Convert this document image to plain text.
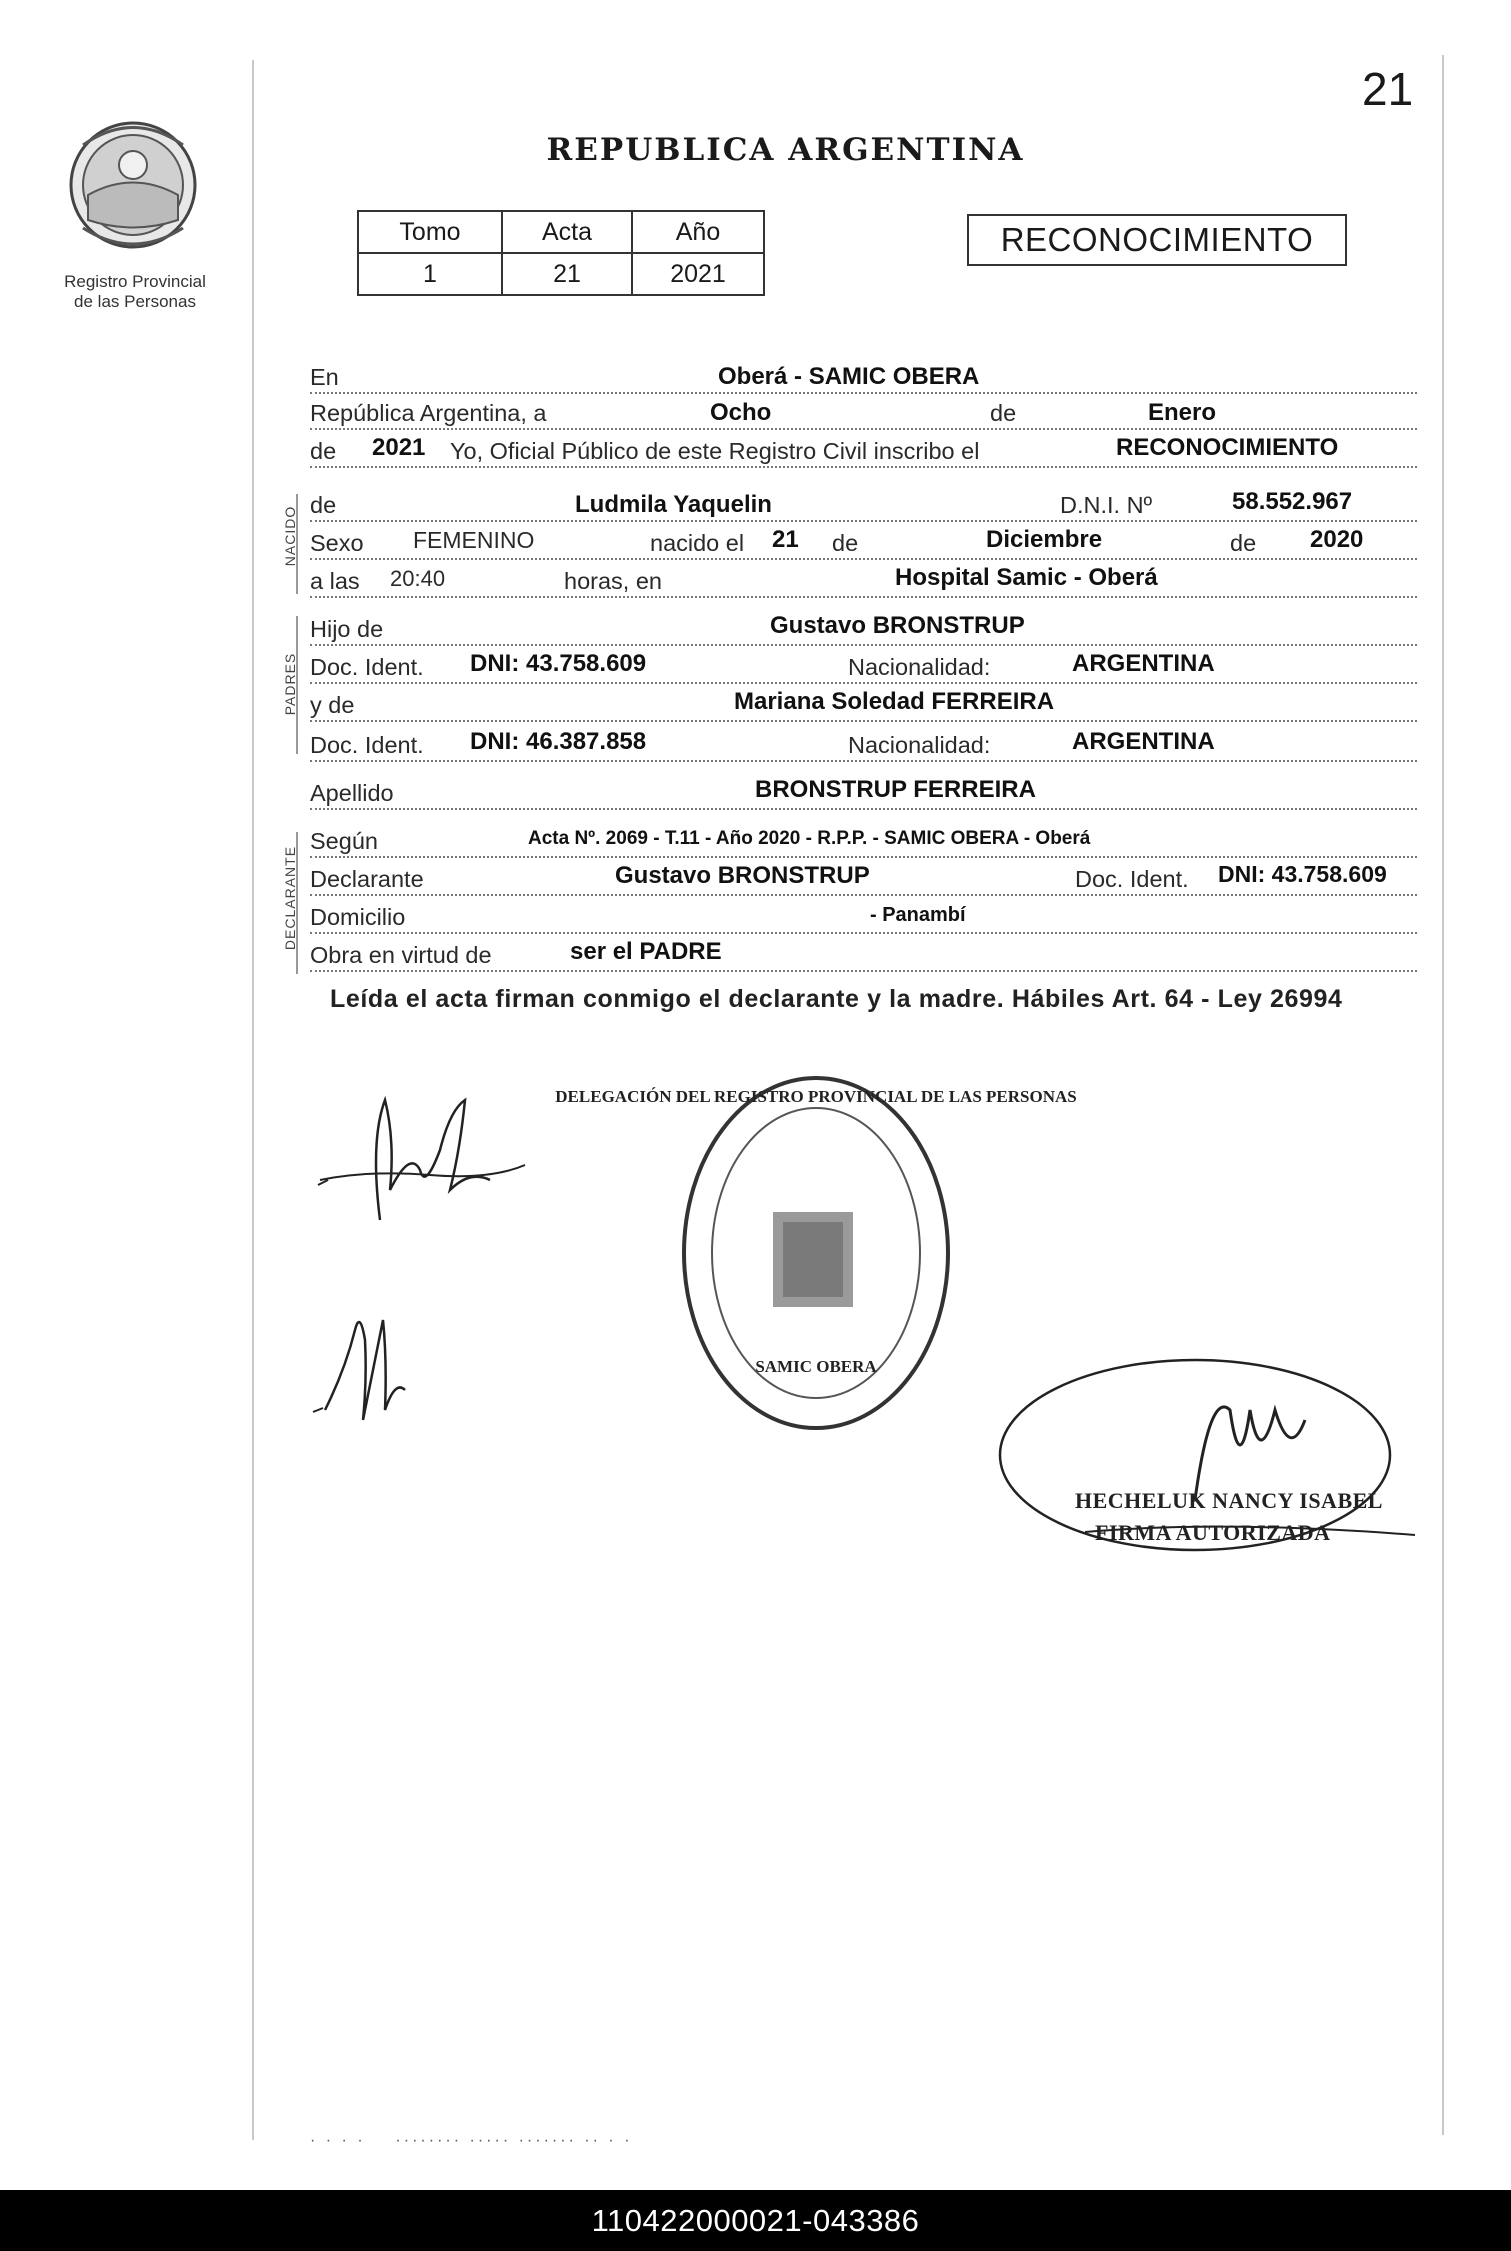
21
Registro Provincial
de las Personas
REPUBLICA ARGENTINA
Tomo	Acta	Año
1	21	2021
RECONOCIMIENTO
En	Oberá - SAMIC OBERA
República Argentina, a	Ocho	de	Enero
de 2021 Yo, Oficial Público de este Registro Civil inscribo el	RECONOCIMIENTO
de	Ludmila Yaquelin	D.N.I. Nº	58.552.967
Sexo FEMENINO	nacido el 21 de	Diciembre	de 2020
a las 20:40	horas, en	Hospital Samic - Oberá
Hijo de	Gustavo BRONSTRUP
Doc. Ident. DNI: 43.758.609	Nacionalidad:	ARGENTINA
y de	Mariana Soledad FERREIRA
Doc. Ident. DNI: 46.387.858	Nacionalidad:	ARGENTINA
Apellido	BRONSTRUP FERREIRA
Según	Acta Nº. 2069 - T.11 - Año 2020 - R.P.P. - SAMIC OBERA - Oberá
Declarante	Gustavo BRONSTRUP	Doc. Ident. DNI: 43.758.609
Domicilio	- Panambí
Obra en virtud de	ser el PADRE
NACIDO
PADRES
DECLARANTE
Leída el acta firman conmigo el declarante y la madre. Hábiles Art. 64 - Ley 26994
DELEGACIÓN DEL REGISTRO PROVINCIAL DE LAS PERSONAS
SAMIC OBERA
HECHELUK NANCY ISABEL
FIRMA AUTORIZADA
· · · ·    ········ ····· ······· ·· · ·
110422000021-043386
